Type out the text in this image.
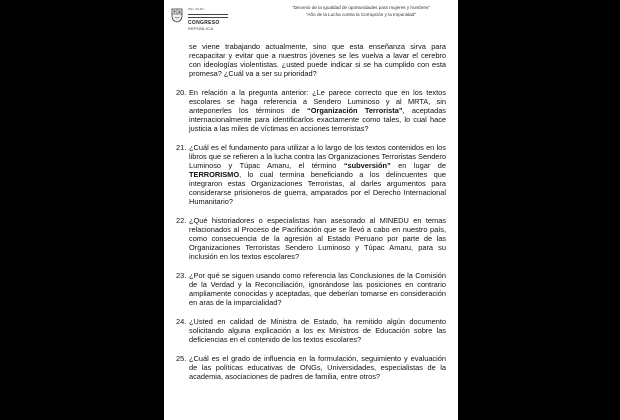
DEL PERÚ
CONGRESO
REPÚBLICA
"Decenio de la Igualdad de oportunidades para mujeres y hombres"
"Año de la Lucha contra la Corrupción y la Impunidad"
se viene trabajando actualmente, sino que esta enseñanza sirva para recapacitar y evitar que a nuestros jóvenes se les vuelva a lavar el cerebro con ideologías violentistas. ¿usted puede indicar si se ha cumplido con esta promesa? ¿Cuál va a ser su prioridad?
20. En relación a la pregunta anterior: ¿Le parece correcto que en los textos escolares se haga referencia a Sendero Luminoso y al MRTA, sin anteponerles los términos de “Organización Terrorista”, aceptadas internacionalmente para identificarlos exactamente como tales, lo cual hace justicia a las miles de víctimas en acciones terroristas?
21. ¿Cuál es el fundamento para utilizar a lo largo de los textos contenidos en los libros que se refieren a la lucha contra las Organizaciones Terroristas Sendero Luminoso y Túpac Amaru, el término “subversión” en lugar de TERRORISMO, lo cual termina beneficiando a los delincuentes que integraron estas Organizaciones Terroristas, al darles argumentos para considerarse prisioneros de guerra, amparados por el Derecho Internacional Humanitario?
22. ¿Qué historiadores o especialistas han asesorado al MINEDU en temas relacionados al Proceso de Pacificación que se llevó a cabo en nuestro país, como consecuencia de la agresión al Estado Peruano por parte de las Organizaciones Terroristas Sendero Luminoso y Túpac Amaru, para su inclusión en los textos escolares?
23. ¿Por qué se siguen usando como referencia las Conclusiones de la Comisión de la Verdad y la Reconciliación, ignorándose las posiciones en contrario ampliamente conocidas y aceptadas, que deberían tomarse en consideración en aras de la imparcialidad?
24. ¿Usted en calidad de Ministra de Estado, ha remitido algún documento solicitando alguna explicación a los ex Ministros de Educación sobre las deficiencias en el contenido de los textos escolares?
25. ¿Cuál es el grado de influencia en la formulación, seguimiento y evaluación de las políticas educativas de ONGs, Universidades, especialistas de la academia, asociaciones de padres de familia, entre otros?
